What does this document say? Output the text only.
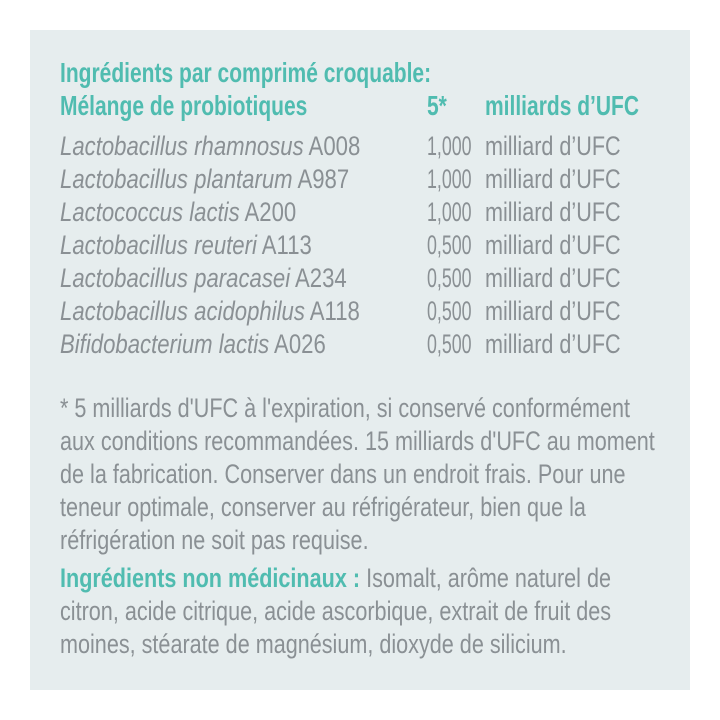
Ingrédients par comprimé croquable:
Mélange de probiotiques	5*	milliards d’UFC
Lactobacillus rhamnosus A008	1,000 milliard d’UFC
Lactobacillus plantarum A987	1,000 milliard d’UFC
Lactococcus lactis A200	1,000 milliard d’UFC
Lactobacillus reuteri A113	0,500 milliard d’UFC
Lactobacillus paracasei A234	0,500 milliard d’UFC
Lactobacillus acidophilus A118	0,500 milliard d’UFC
Bifidobacterium lactis A026	0,500 milliard d’UFC
* 5 milliards d'UFC à l'expiration, si conservé conformément
aux conditions recommandées. 15 milliards d'UFC au moment
de la fabrication. Conserver dans un endroit frais. Pour une
teneur optimale, conserver au réfrigérateur, bien que la
réfrigération ne soit pas requise.
Ingrédients non médicinaux : Isomalt, arôme naturel de
citron, acide citrique, acide ascorbique, extrait de fruit des
moines, stéarate de magnésium, dioxyde de silicium.
